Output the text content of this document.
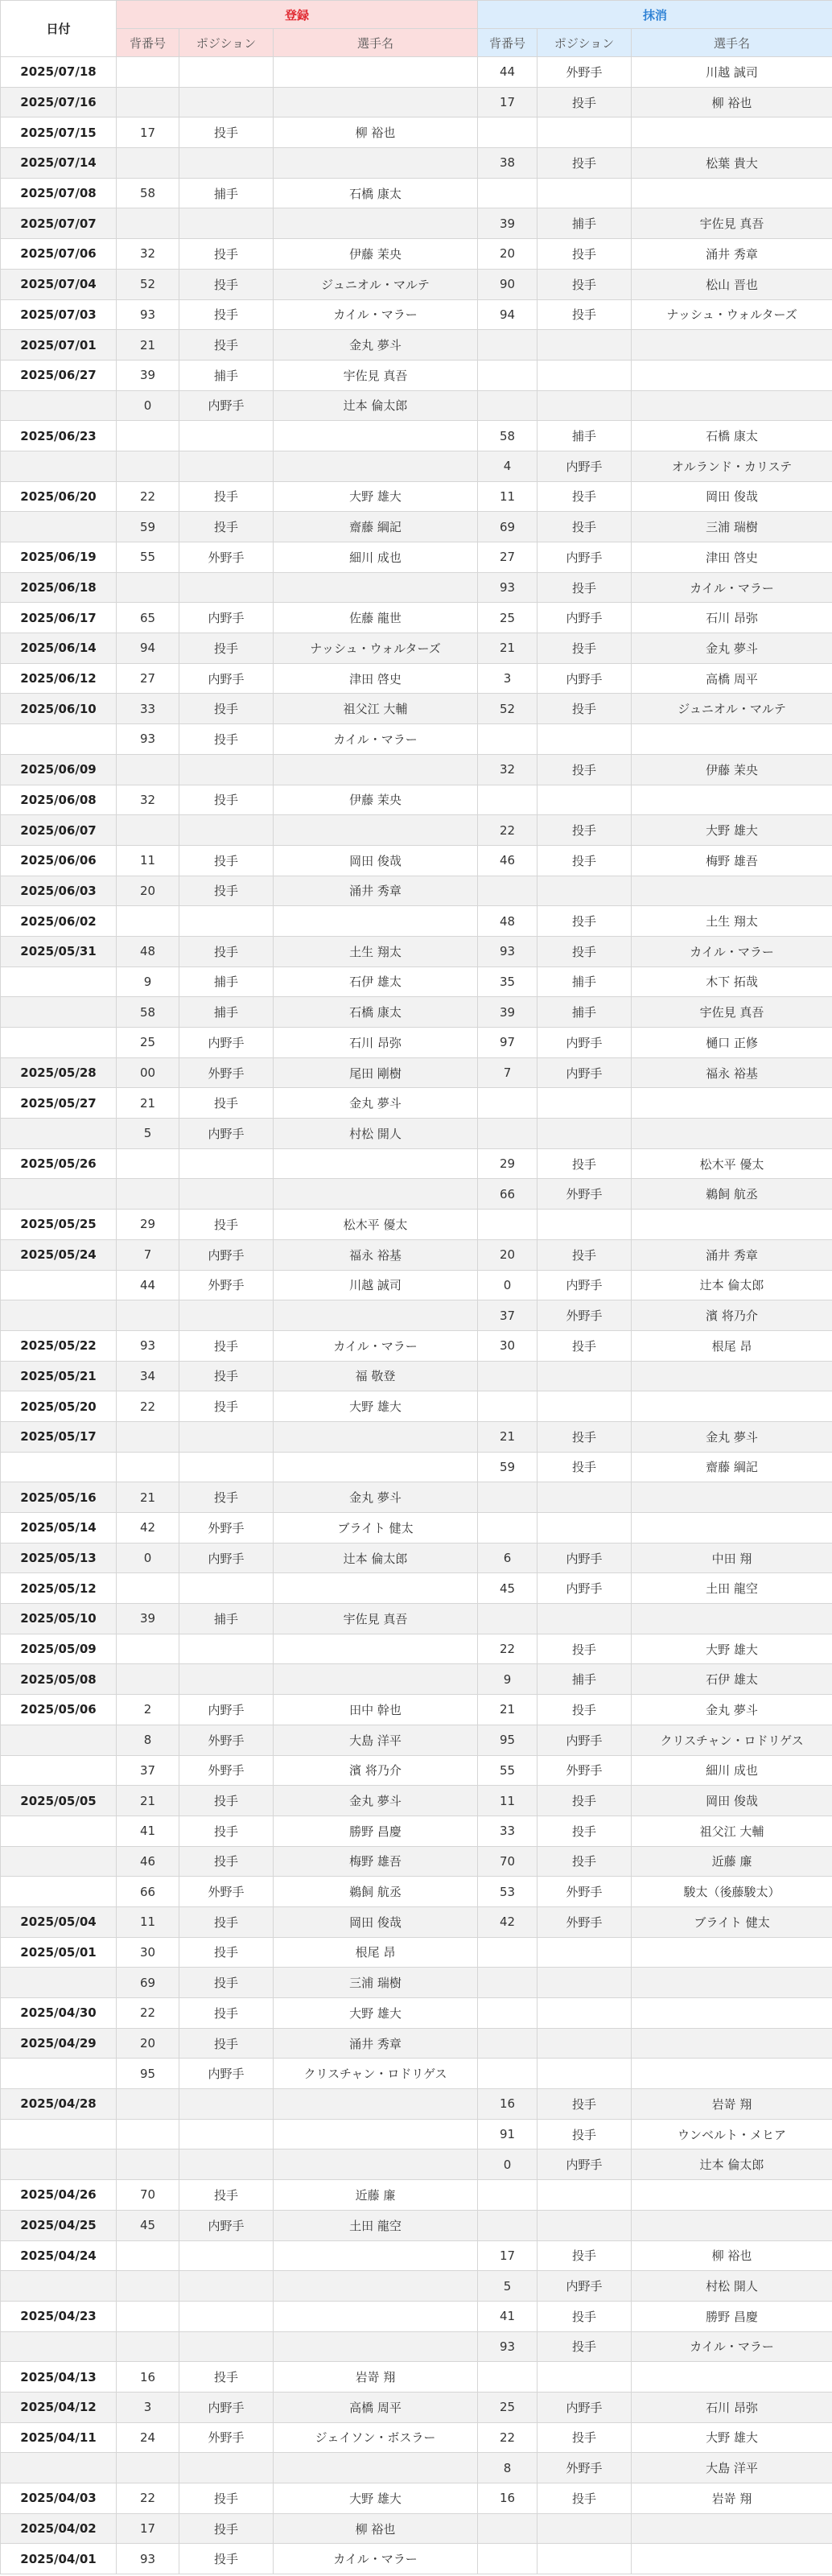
日付	登録			抹消		
	背番号	ポジション	選手名	背番号	ポジション	選手名
2025/07/18				44	外野手	川越 誠司
2025/07/16				17	投手	柳 裕也
2025/07/15	17	投手	柳 裕也			
2025/07/14				38	投手	松葉 貴大
2025/07/08	58	捕手	石橋 康太			
2025/07/07				39	捕手	宇佐見 真吾
2025/07/06	32	投手	伊藤 茉央	20	投手	涌井 秀章
2025/07/04	52	投手	ジュニオル・マルテ	90	投手	松山 晋也
2025/07/03	93	投手	カイル・マラー	94	投手	ナッシュ・ウォルターズ
2025/07/01	21	投手	金丸 夢斗			
2025/06/27	39	捕手	宇佐見 真吾			
	0	内野手	辻本 倫太郎			
2025/06/23				58	捕手	石橋 康太
				4	内野手	オルランド・カリステ
2025/06/20	22	投手	大野 雄大	11	投手	岡田 俊哉
	59	投手	齋藤 綱記	69	投手	三浦 瑞樹
2025/06/19	55	外野手	細川 成也	27	内野手	津田 啓史
2025/06/18				93	投手	カイル・マラー
2025/06/17	65	内野手	佐藤 龍世	25	内野手	石川 昂弥
2025/06/14	94	投手	ナッシュ・ウォルターズ	21	投手	金丸 夢斗
2025/06/12	27	内野手	津田 啓史	3	内野手	高橋 周平
2025/06/10	33	投手	祖父江 大輔	52	投手	ジュニオル・マルテ
	93	投手	カイル・マラー			
2025/06/09				32	投手	伊藤 茉央
2025/06/08	32	投手	伊藤 茉央			
2025/06/07				22	投手	大野 雄大
2025/06/06	11	投手	岡田 俊哉	46	投手	梅野 雄吾
2025/06/03	20	投手	涌井 秀章			
2025/06/02				48	投手	土生 翔太
2025/05/31	48	投手	土生 翔太	93	投手	カイル・マラー
	9	捕手	石伊 雄太	35	捕手	木下 拓哉
	58	捕手	石橋 康太	39	捕手	宇佐見 真吾
	25	内野手	石川 昂弥	97	内野手	樋口 正修
2025/05/28	00	外野手	尾田 剛樹	7	内野手	福永 裕基
2025/05/27	21	投手	金丸 夢斗			
	5	内野手	村松 開人			
2025/05/26				29	投手	松木平 優太
				66	外野手	鵜飼 航丞
2025/05/25	29	投手	松木平 優太			
2025/05/24	7	内野手	福永 裕基	20	投手	涌井 秀章
	44	外野手	川越 誠司	0	内野手	辻本 倫太郎
				37	外野手	濱 将乃介
2025/05/22	93	投手	カイル・マラー	30	投手	根尾 昂
2025/05/21	34	投手	福 敬登			
2025/05/20	22	投手	大野 雄大			
2025/05/17				21	投手	金丸 夢斗
				59	投手	齋藤 綱記
2025/05/16	21	投手	金丸 夢斗			
2025/05/14	42	外野手	ブライト 健太			
2025/05/13	0	内野手	辻本 倫太郎	6	内野手	中田 翔
2025/05/12				45	内野手	土田 龍空
2025/05/10	39	捕手	宇佐見 真吾			
2025/05/09				22	投手	大野 雄大
2025/05/08				9	捕手	石伊 雄太
2025/05/06	2	内野手	田中 幹也	21	投手	金丸 夢斗
	8	外野手	大島 洋平	95	内野手	クリスチャン・ロドリゲス
	37	外野手	濱 将乃介	55	外野手	細川 成也
2025/05/05	21	投手	金丸 夢斗	11	投手	岡田 俊哉
	41	投手	勝野 昌慶	33	投手	祖父江 大輔
	46	投手	梅野 雄吾	70	投手	近藤 廉
	66	外野手	鵜飼 航丞	53	外野手	駿太（後藤駿太）
2025/05/04	11	投手	岡田 俊哉	42	外野手	ブライト 健太
2025/05/01	30	投手	根尾 昂			
	69	投手	三浦 瑞樹			
2025/04/30	22	投手	大野 雄大			
2025/04/29	20	投手	涌井 秀章			
	95	内野手	クリスチャン・ロドリゲス			
2025/04/28				16	投手	岩嵜 翔
				91	投手	ウンベルト・メヒア
				0	内野手	辻本 倫太郎
2025/04/26	70	投手	近藤 廉			
2025/04/25	45	内野手	土田 龍空			
2025/04/24				17	投手	柳 裕也
				5	内野手	村松 開人
2025/04/23				41	投手	勝野 昌慶
				93	投手	カイル・マラー
2025/04/13	16	投手	岩嵜 翔			
2025/04/12	3	内野手	高橋 周平	25	内野手	石川 昂弥
2025/04/11	24	外野手	ジェイソン・ボスラー	22	投手	大野 雄大
				8	外野手	大島 洋平
2025/04/03	22	投手	大野 雄大	16	投手	岩嵜 翔
2025/04/02	17	投手	柳 裕也			
2025/04/01	93	投手	カイル・マラー			
